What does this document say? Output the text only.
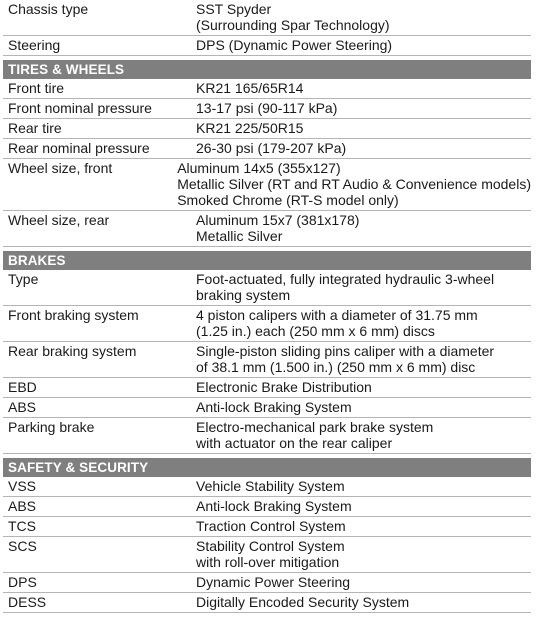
Chassis type	SST Spyder
(Surrounding Spar Technology)
Steering	DPS (Dynamic Power Steering)
TIRES & WHEELS
Front tire	KR21 165/65R14
Front nominal pressure	13-17 psi (90-117 kPa)
Rear tire	KR21 225/50R15
Rear nominal pressure	26-30 psi (179-207 kPa)
Wheel size, front	Aluminum 14x5 (355x127)
Metallic Silver (RT and RT Audio & Convenience models)
Smoked Chrome (RT-S model only)
Wheel size, rear	Aluminum 15x7 (381x178)
Metallic Silver
BRAKES
Type	Foot-actuated, fully integrated hydraulic 3-wheel
braking system
Front braking system	4 piston calipers with a diameter of 31.75 mm
(1.25 in.) each (250 mm x 6 mm) discs
Rear braking system	Single-piston sliding pins caliper with a diameter
of 38.1 mm (1.500 in.) (250 mm x 6 mm) disc
EBD	Electronic Brake Distribution
ABS	Anti-lock Braking System
Parking brake	Electro-mechanical park brake system
with actuator on the rear caliper
SAFETY & SECURITY
VSS	Vehicle Stability System
ABS	Anti-lock Braking System
TCS	Traction Control System
SCS	Stability Control System
with roll-over mitigation
DPS	Dynamic Power Steering
DESS	Digitally Encoded Security System
